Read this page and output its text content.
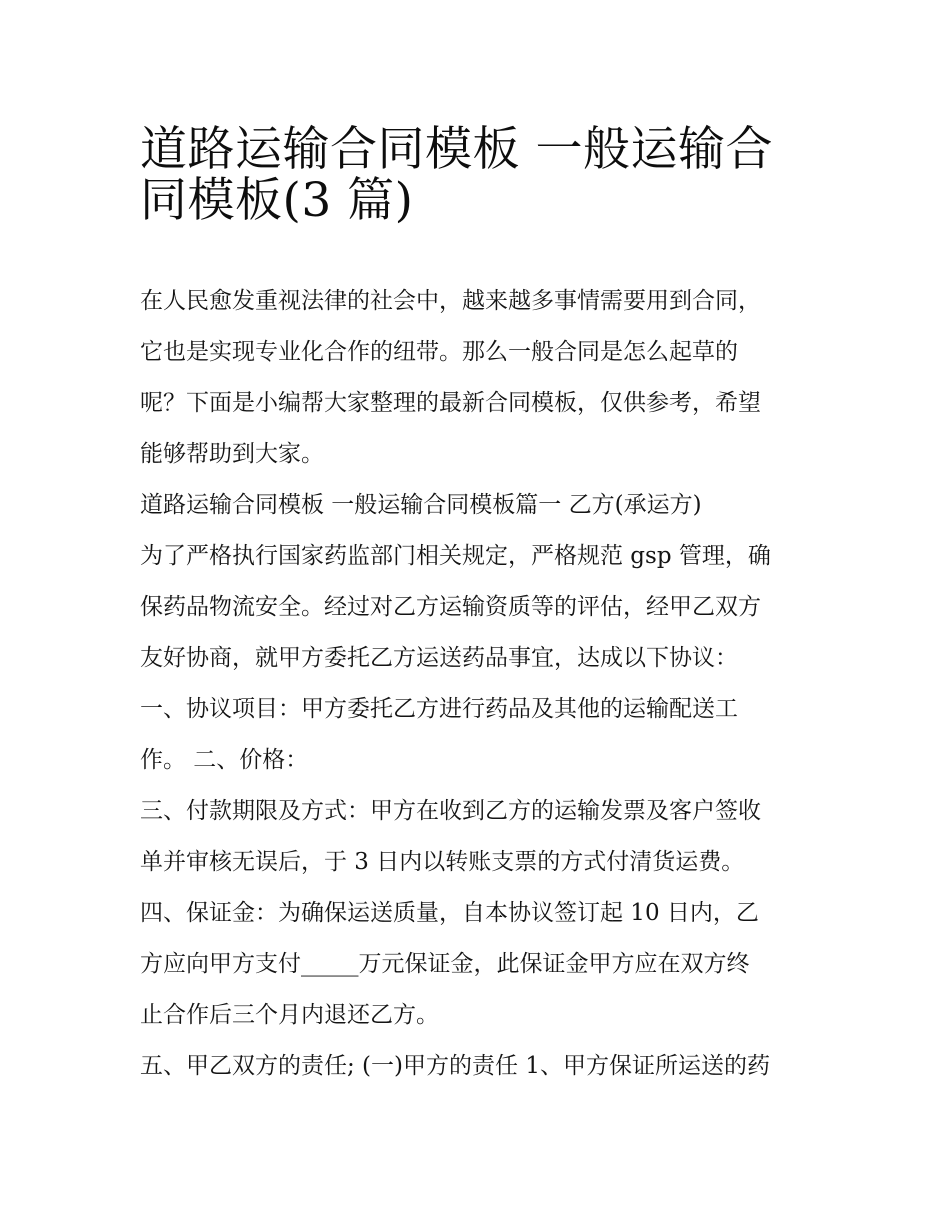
道路运输合同模板 一般运输合
同模板(3 篇)

在人民愈发重视法律的社会中，越来越多事情需要用到合同，
它也是实现专业化合作的纽带。那么一般合同是怎么起草的
呢？下面是小编帮大家整理的最新合同模板，仅供参考，希望
能够帮助到大家。

道路运输合同模板 一般运输合同模板篇一 乙方(承运方)

为了严格执行国家药监部门相关规定，严格规范 gsp 管理，确
保药品物流安全。经过对乙方运输资质等的评估，经甲乙双方
友好协商，就甲方委托乙方运送药品事宜，达成以下协议：

一、协议项目：甲方委托乙方进行药品及其他的运输配送工
作。 二、价格：

三、付款期限及方式：甲方在收到乙方的运输发票及客户签收
单并审核无误后，于 3 日内以转账支票的方式付清货运费。

四、保证金：为确保运送质量，自本协议签订起 10 日内，乙
方应向甲方支付_____万元保证金，此保证金甲方应在双方终
止合作后三个月内退还乙方。

五、甲乙双方的责任; (一)甲方的责任 1、甲方保证所运送的药
